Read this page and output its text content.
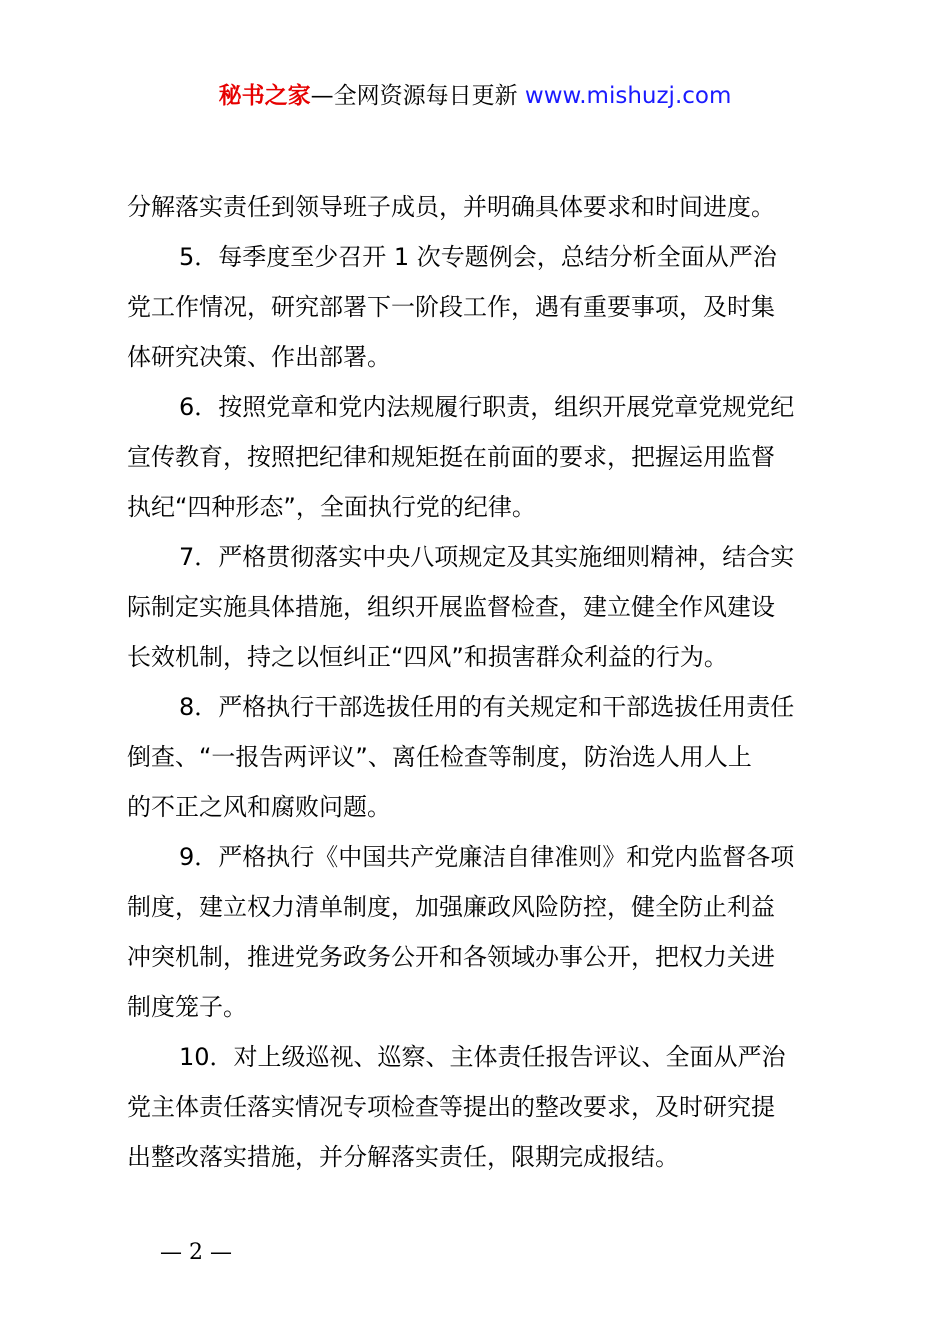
秘书之家—全网资源每日更新 www.mishuzj.com
分解落实责任到领导班子成员，并明确具体要求和时间进度。
5．每季度至少召开 1 次专题例会，总结分析全面从严治
党工作情况，研究部署下一阶段工作，遇有重要事项，及时集
体研究决策、作出部署。
6．按照党章和党内法规履行职责，组织开展党章党规党纪
宣传教育，按照把纪律和规矩挺在前面的要求，把握运用监督
执纪“四种形态”，全面执行党的纪律。
7．严格贯彻落实中央八项规定及其实施细则精神，结合实
际制定实施具体措施，组织开展监督检查，建立健全作风建设
长效机制，持之以恒纠正“四风”和损害群众利益的行为。
8．严格执行干部选拔任用的有关规定和干部选拔任用责任
倒查、“一报告两评议”、离任检查等制度，防治选人用人上
的不正之风和腐败问题。
9．严格执行《中国共产党廉洁自律准则》和党内监督各项
制度，建立权力清单制度，加强廉政风险防控，健全防止利益
冲突机制，推进党务政务公开和各领域办事公开，把权力关进
制度笼子。
10．对上级巡视、巡察、主体责任报告评议、全面从严治
党主体责任落实情况专项检查等提出的整改要求，及时研究提
出整改落实措施，并分解落实责任，限期完成报结。
— 2 —
